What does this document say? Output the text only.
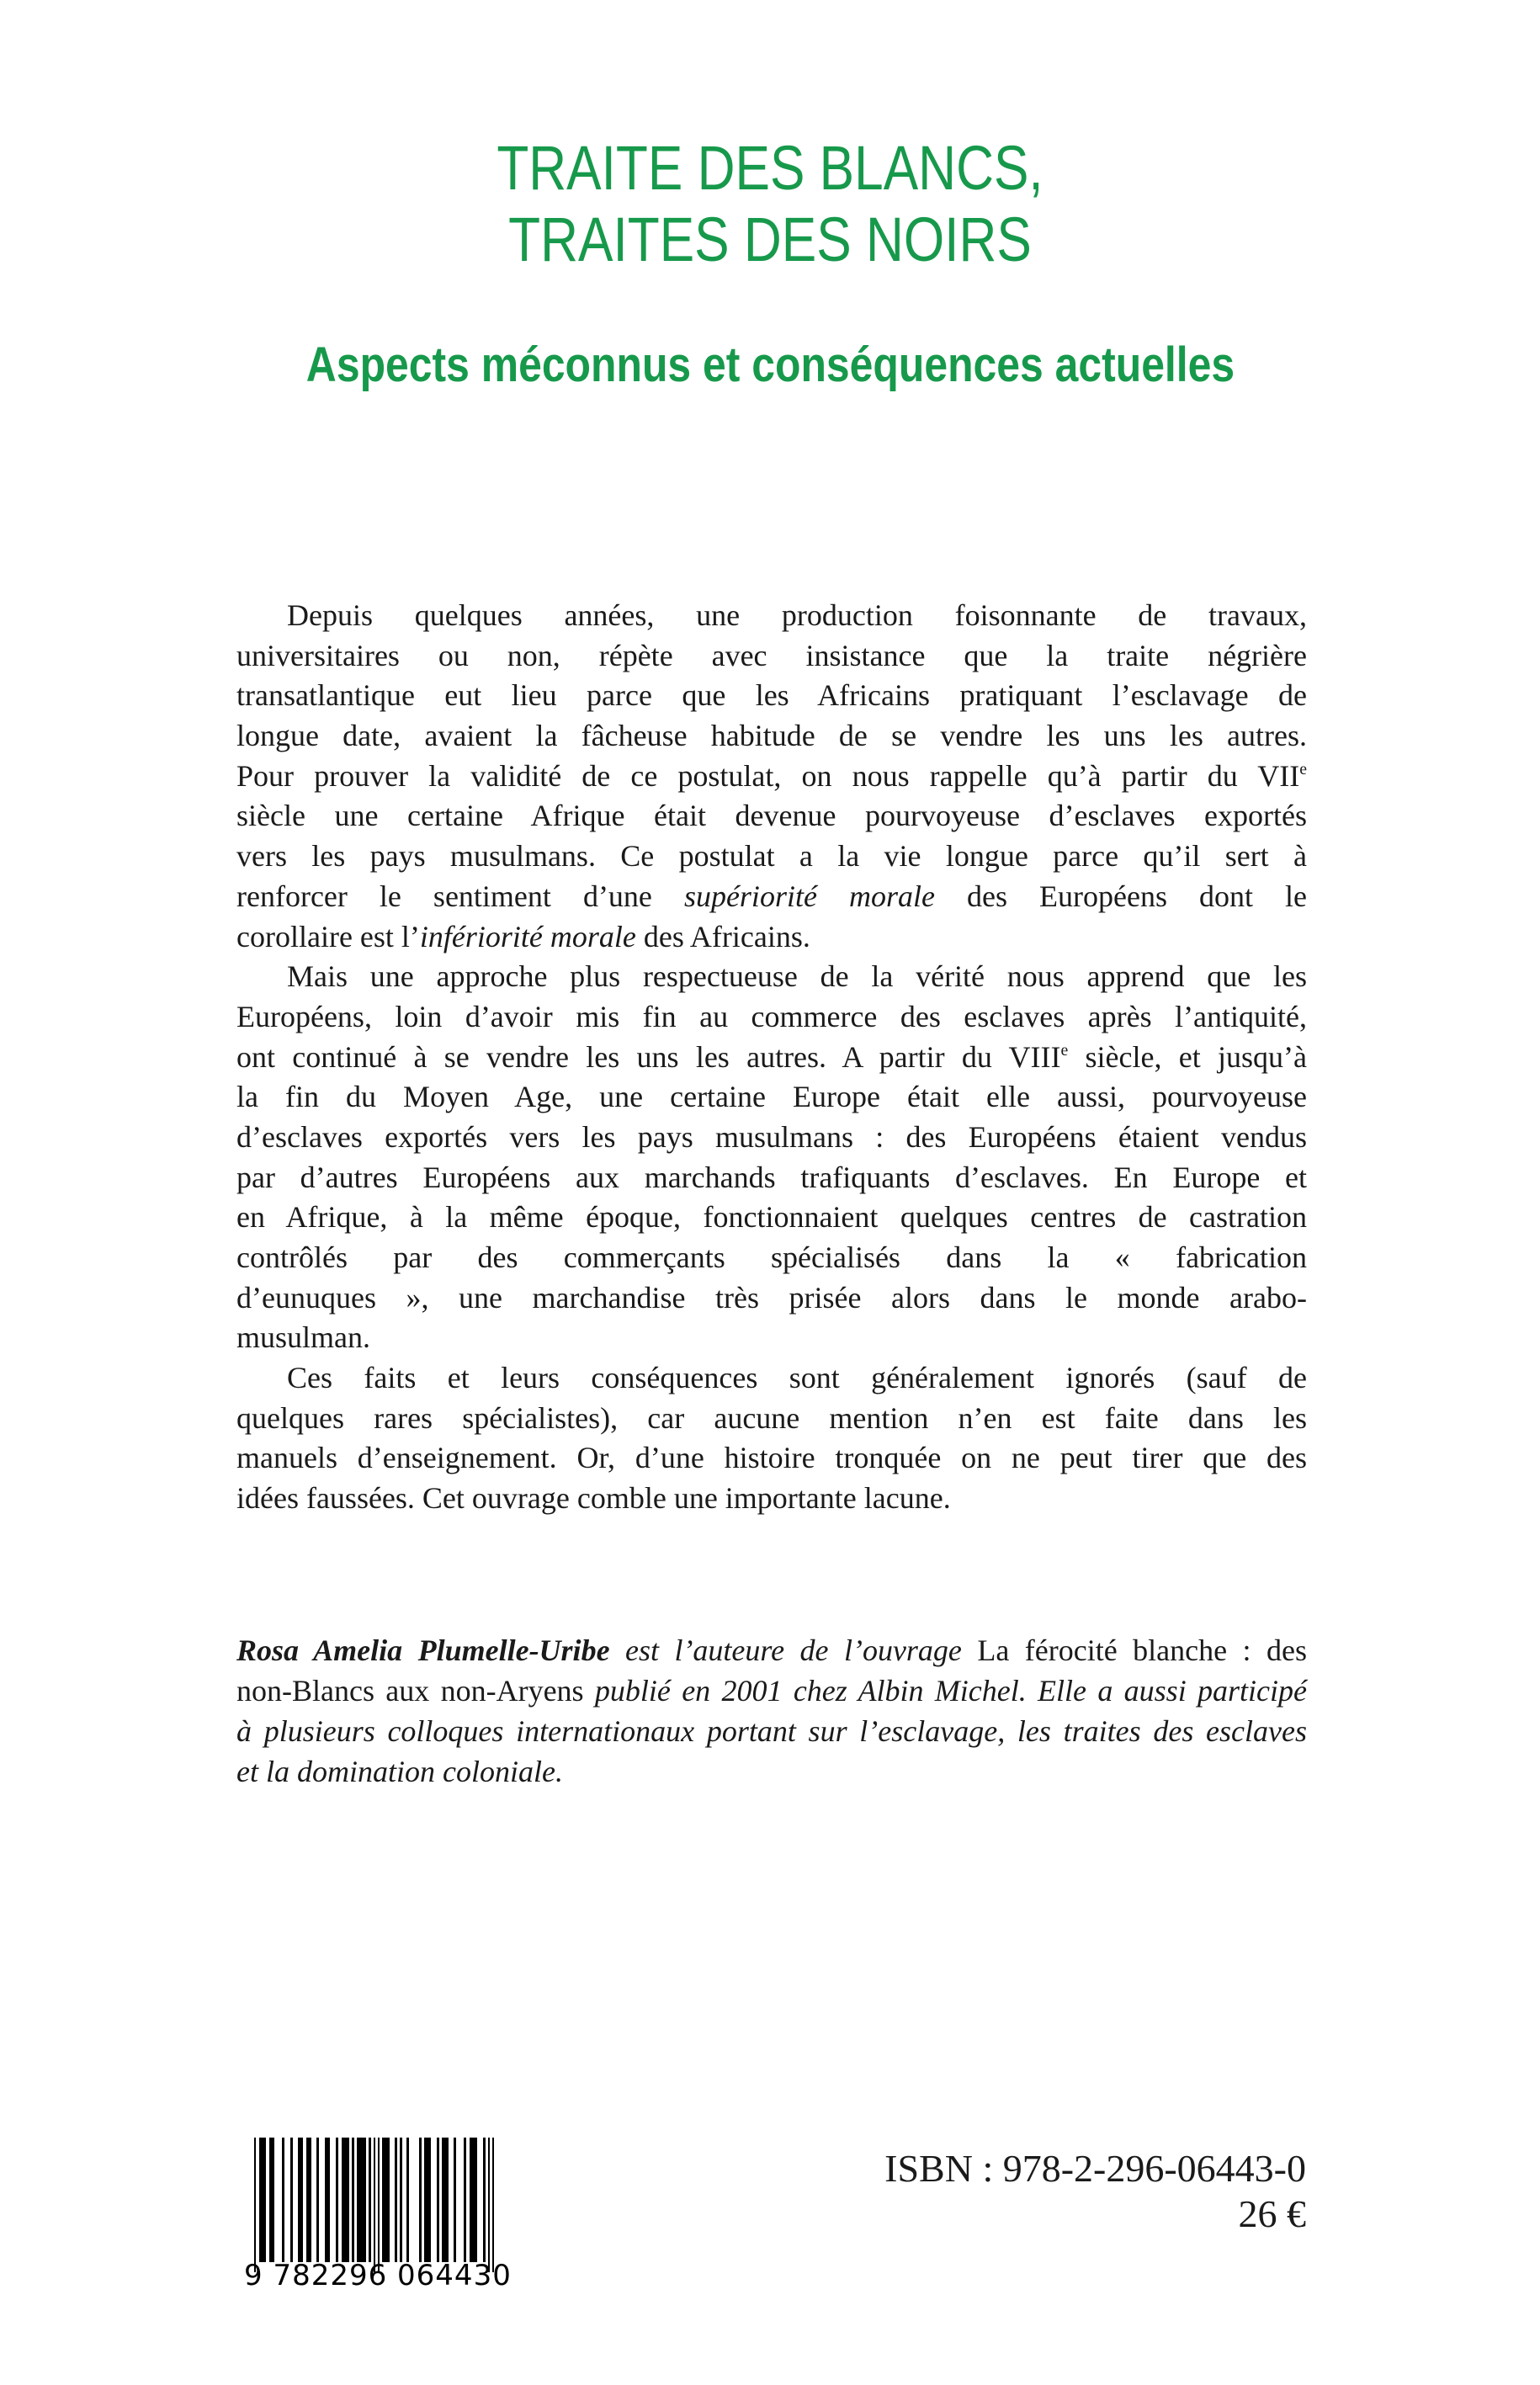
TRAITE DES BLANCS,
TRAITES DES NOIRS
Aspects méconnus et conséquences actuelles
Depuis quelques années, une production foisonnante de travaux,
universitaires ou non, répète avec insistance que la traite négrière
transatlantique eut lieu parce que les Africains pratiquant l’esclavage de
longue date, avaient la fâcheuse habitude de se vendre les uns les autres.
Pour prouver la validité de ce postulat, on nous rappelle qu’à partir du VIIe
siècle une certaine Afrique était devenue pourvoyeuse d’esclaves exportés
vers les pays musulmans. Ce postulat a la vie longue parce qu’il sert à
renforcer le sentiment d’une supériorité morale des Européens dont le
corollaire est l’infériorité morale des Africains.
Mais une approche plus respectueuse de la vérité nous apprend que les
Européens, loin d’avoir mis fin au commerce des esclaves après l’antiquité,
ont continué à se vendre les uns les autres. A partir du VIIIe siècle, et jusqu’à
la fin du Moyen Age, une certaine Europe était elle aussi, pourvoyeuse
d’esclaves exportés vers les pays musulmans : des Européens étaient vendus
par d’autres Européens aux marchands trafiquants d’esclaves. En Europe et
en Afrique, à la même époque, fonctionnaient quelques centres de castration
contrôlés par des commerçants spécialisés dans la « fabrication
d’eunuques », une marchandise très prisée alors dans le monde arabo-
musulman.
Ces faits et leurs conséquences sont généralement ignorés (sauf de
quelques rares spécialistes), car aucune mention n’en est faite dans les
manuels d’enseignement. Or, d’une histoire tronquée on ne peut tirer que des
idées faussées. Cet ouvrage comble une importante lacune.
Rosa Amelia Plumelle-Uribe est l’auteure de l’ouvrage La férocité blanche : des
non-Blancs aux non-Aryens publié en 2001 chez Albin Michel. Elle a aussi participé
à plusieurs colloques internationaux portant sur l’esclavage, les traites des esclaves
et la domination coloniale.
9 782296 064430
ISBN : 978-2-296-06443-0
26 €
